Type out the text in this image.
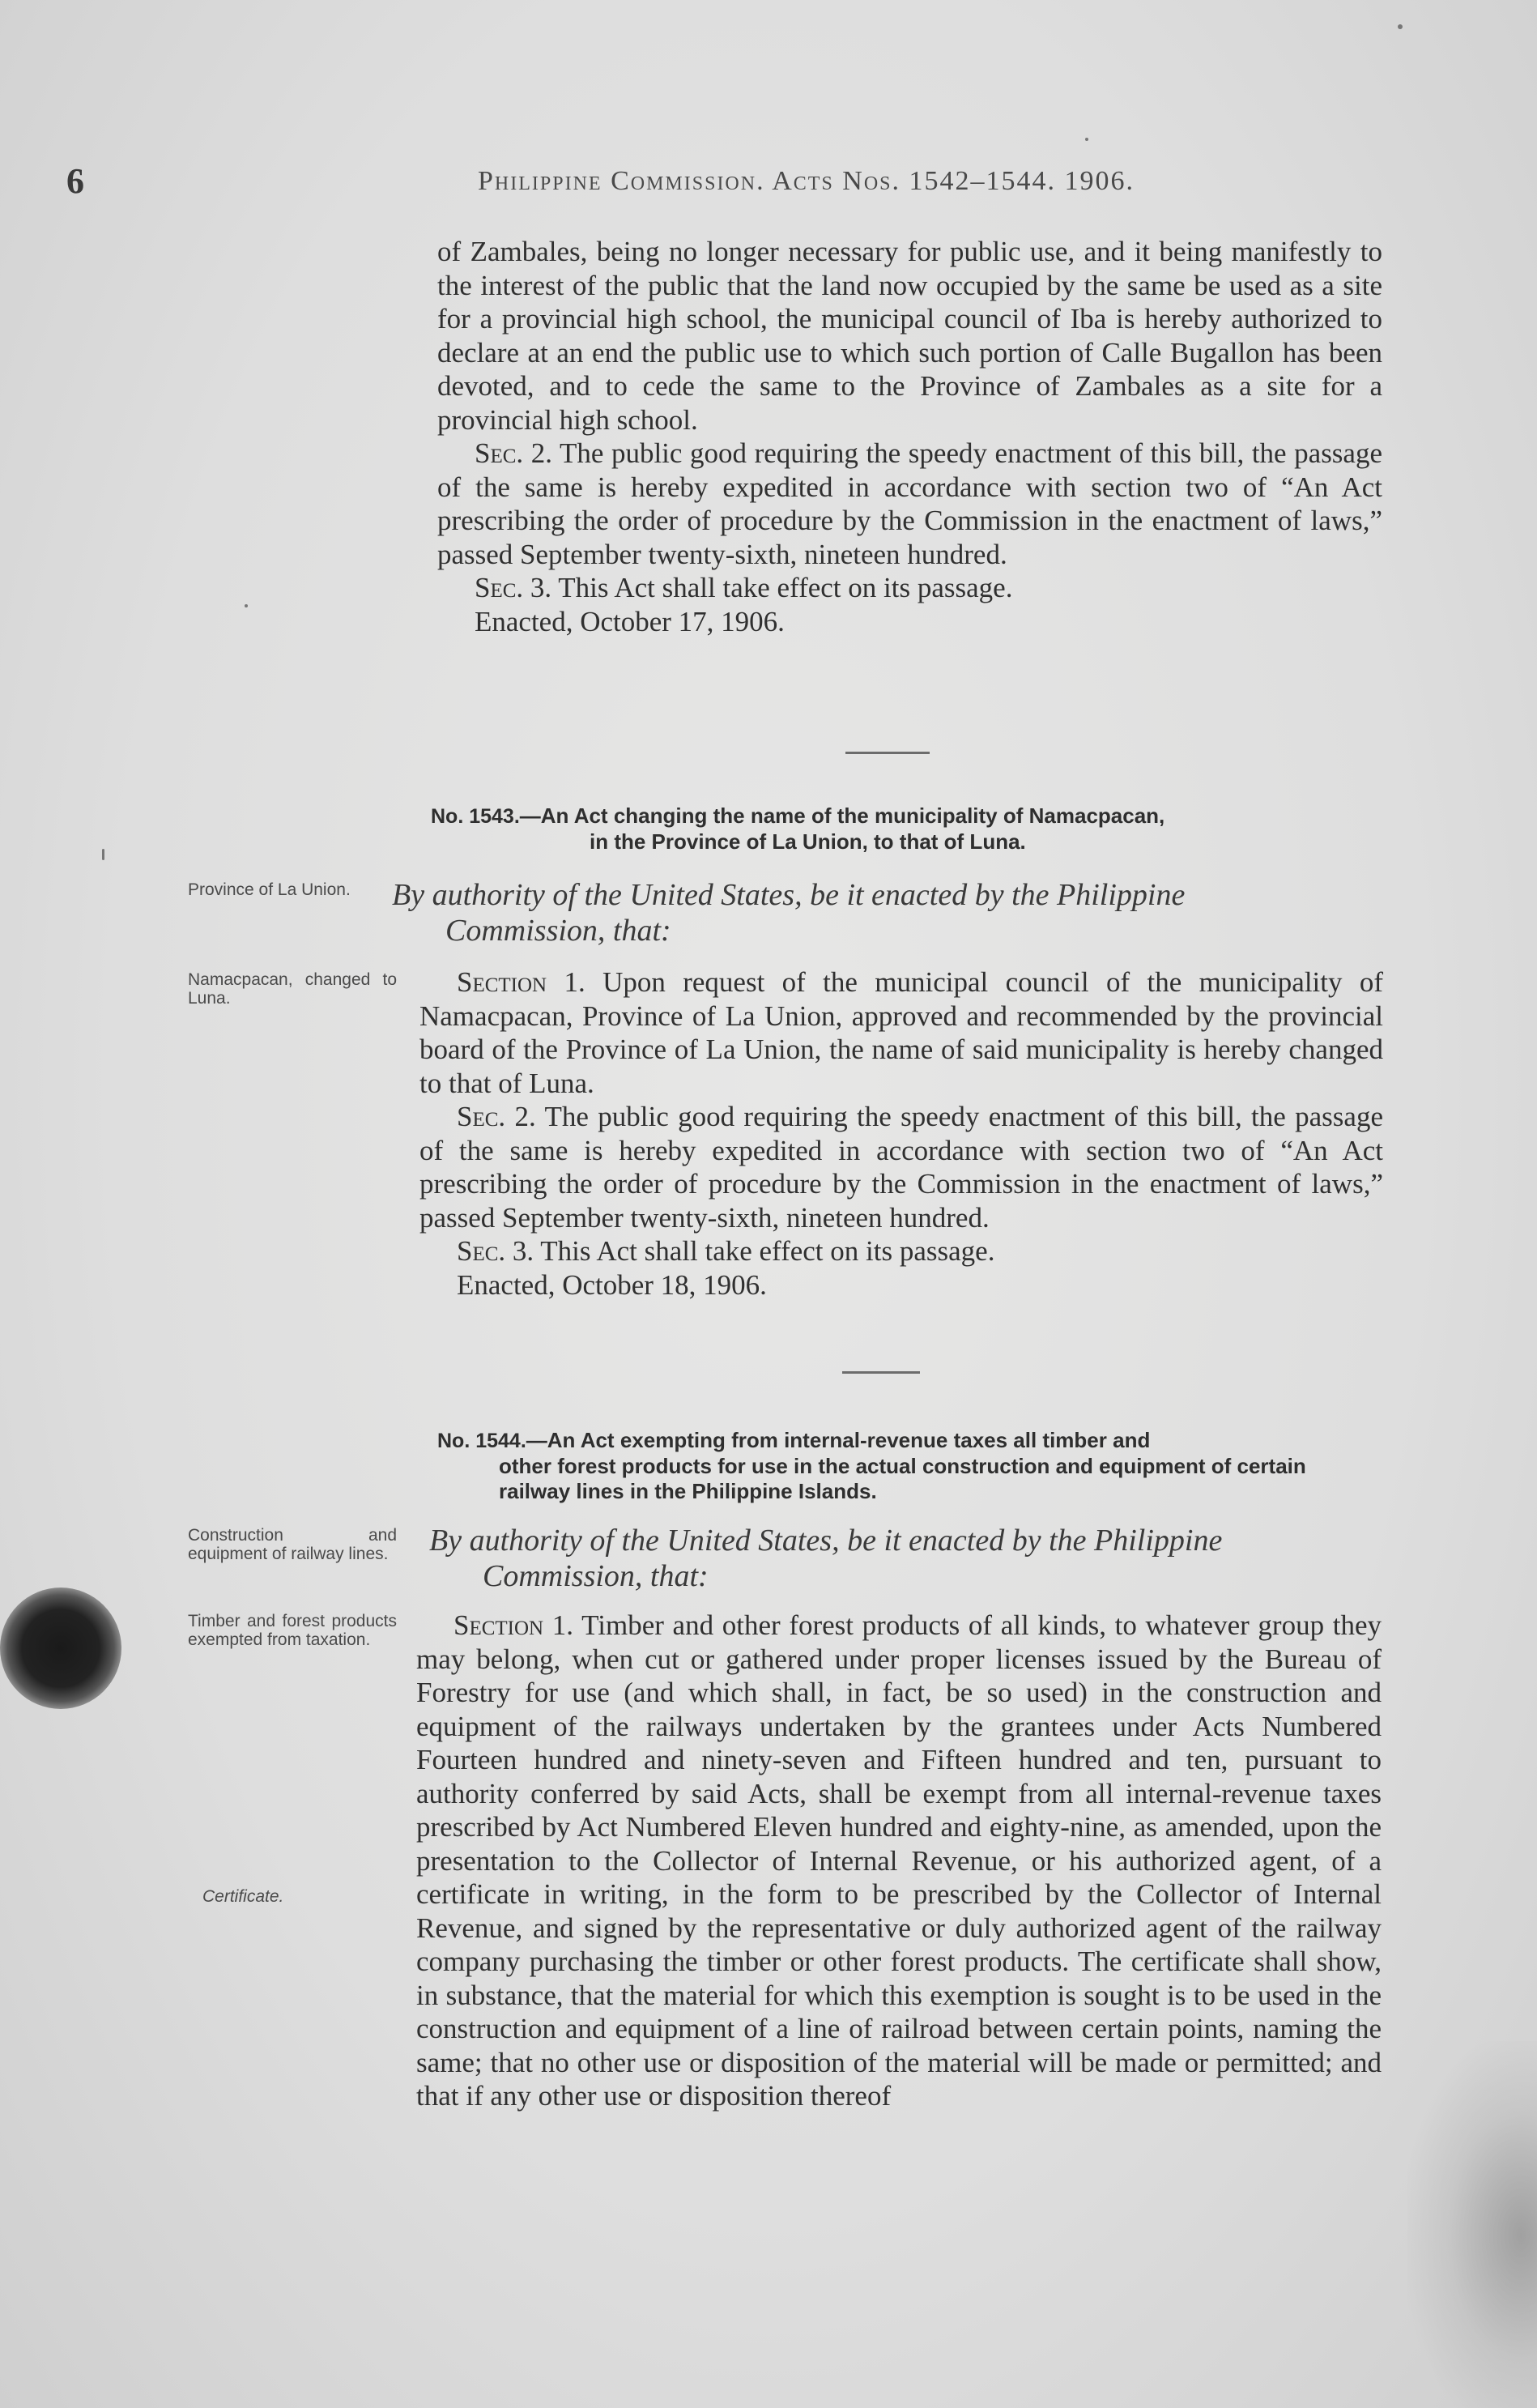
6	Philippine Commission. Acts Nos. 1542–1544. 1906.

of Zambales, being no longer necessary for public use, and it being manifestly to the interest of the public that the land now occupied by the same be used as a site for a provincial high school, the municipal council of Iba is hereby authorized to declare at an end the public use to which such portion of Calle Bugallon has been devoted, and to cede the same to the Province of Zambales as a site for a provincial high school.

Sec. 2. The public good requiring the speedy enactment of this bill, the passage of the same is hereby expedited in accordance with section two of “An Act prescribing the order of procedure by the Commission in the enactment of laws,” passed September twenty-sixth, nineteen hundred.

Sec. 3. This Act shall take effect on its passage.

Enacted, October 17, 1906.

No. 1543.—An Act changing the name of the municipality of Namacpacan,
in the Province of La Union, to that of Luna.
Province of La Union.	By authority of the United States, be it enacted by the Philippine
Commission, that:
Namacpacan, changed to Luna.

Section 1. Upon request of the municipal council of the municipality of Namacpacan, Province of La Union, approved and recommended by the provincial board of the Province of La Union, the name of said municipality is hereby changed to that of Luna.

Sec. 2. The public good requiring the speedy enactment of this bill, the passage of the same is hereby expedited in accordance with section two of “An Act prescribing the order of procedure by the Commission in the enactment of laws,” passed September twenty-sixth, nineteen hundred.

Sec. 3. This Act shall take effect on its passage.

Enacted, October 18, 1906.

No. 1544.—An Act exempting from internal-revenue taxes all timber and
other forest products for use in the actual construction and equipment of certain railway lines in the Philippine Islands.
Construction and equipment of railway lines. By authority of the United States, be it enacted by the Philippine
Commission, that:
Timber and forest products exempted from taxation.
Certificate.

Section 1. Timber and other forest products of all kinds, to whatever group they may belong, when cut or gathered under proper licenses issued by the Bureau of Forestry for use (and which shall, in fact, be so used) in the construction and equipment of the railways undertaken by the grantees under Acts Numbered Fourteen hundred and ninety-seven and Fifteen hundred and ten, pursuant to authority conferred by said Acts, shall be exempt from all internal-revenue taxes prescribed by Act Numbered Eleven hundred and eighty-nine, as amended, upon the presentation to the Collector of Internal Revenue, or his authorized agent, of a certificate in writing, in the form to be prescribed by the Collector of Internal Revenue, and signed by the representative or duly authorized agent of the railway company purchasing the timber or other forest products. The certificate shall show, in substance, that the material for which this exemption is sought is to be used in the construction and equipment of a line of railroad between certain points, naming the same; that no other use or disposition of the material will be made or permitted; and that if any other use or disposition thereof
